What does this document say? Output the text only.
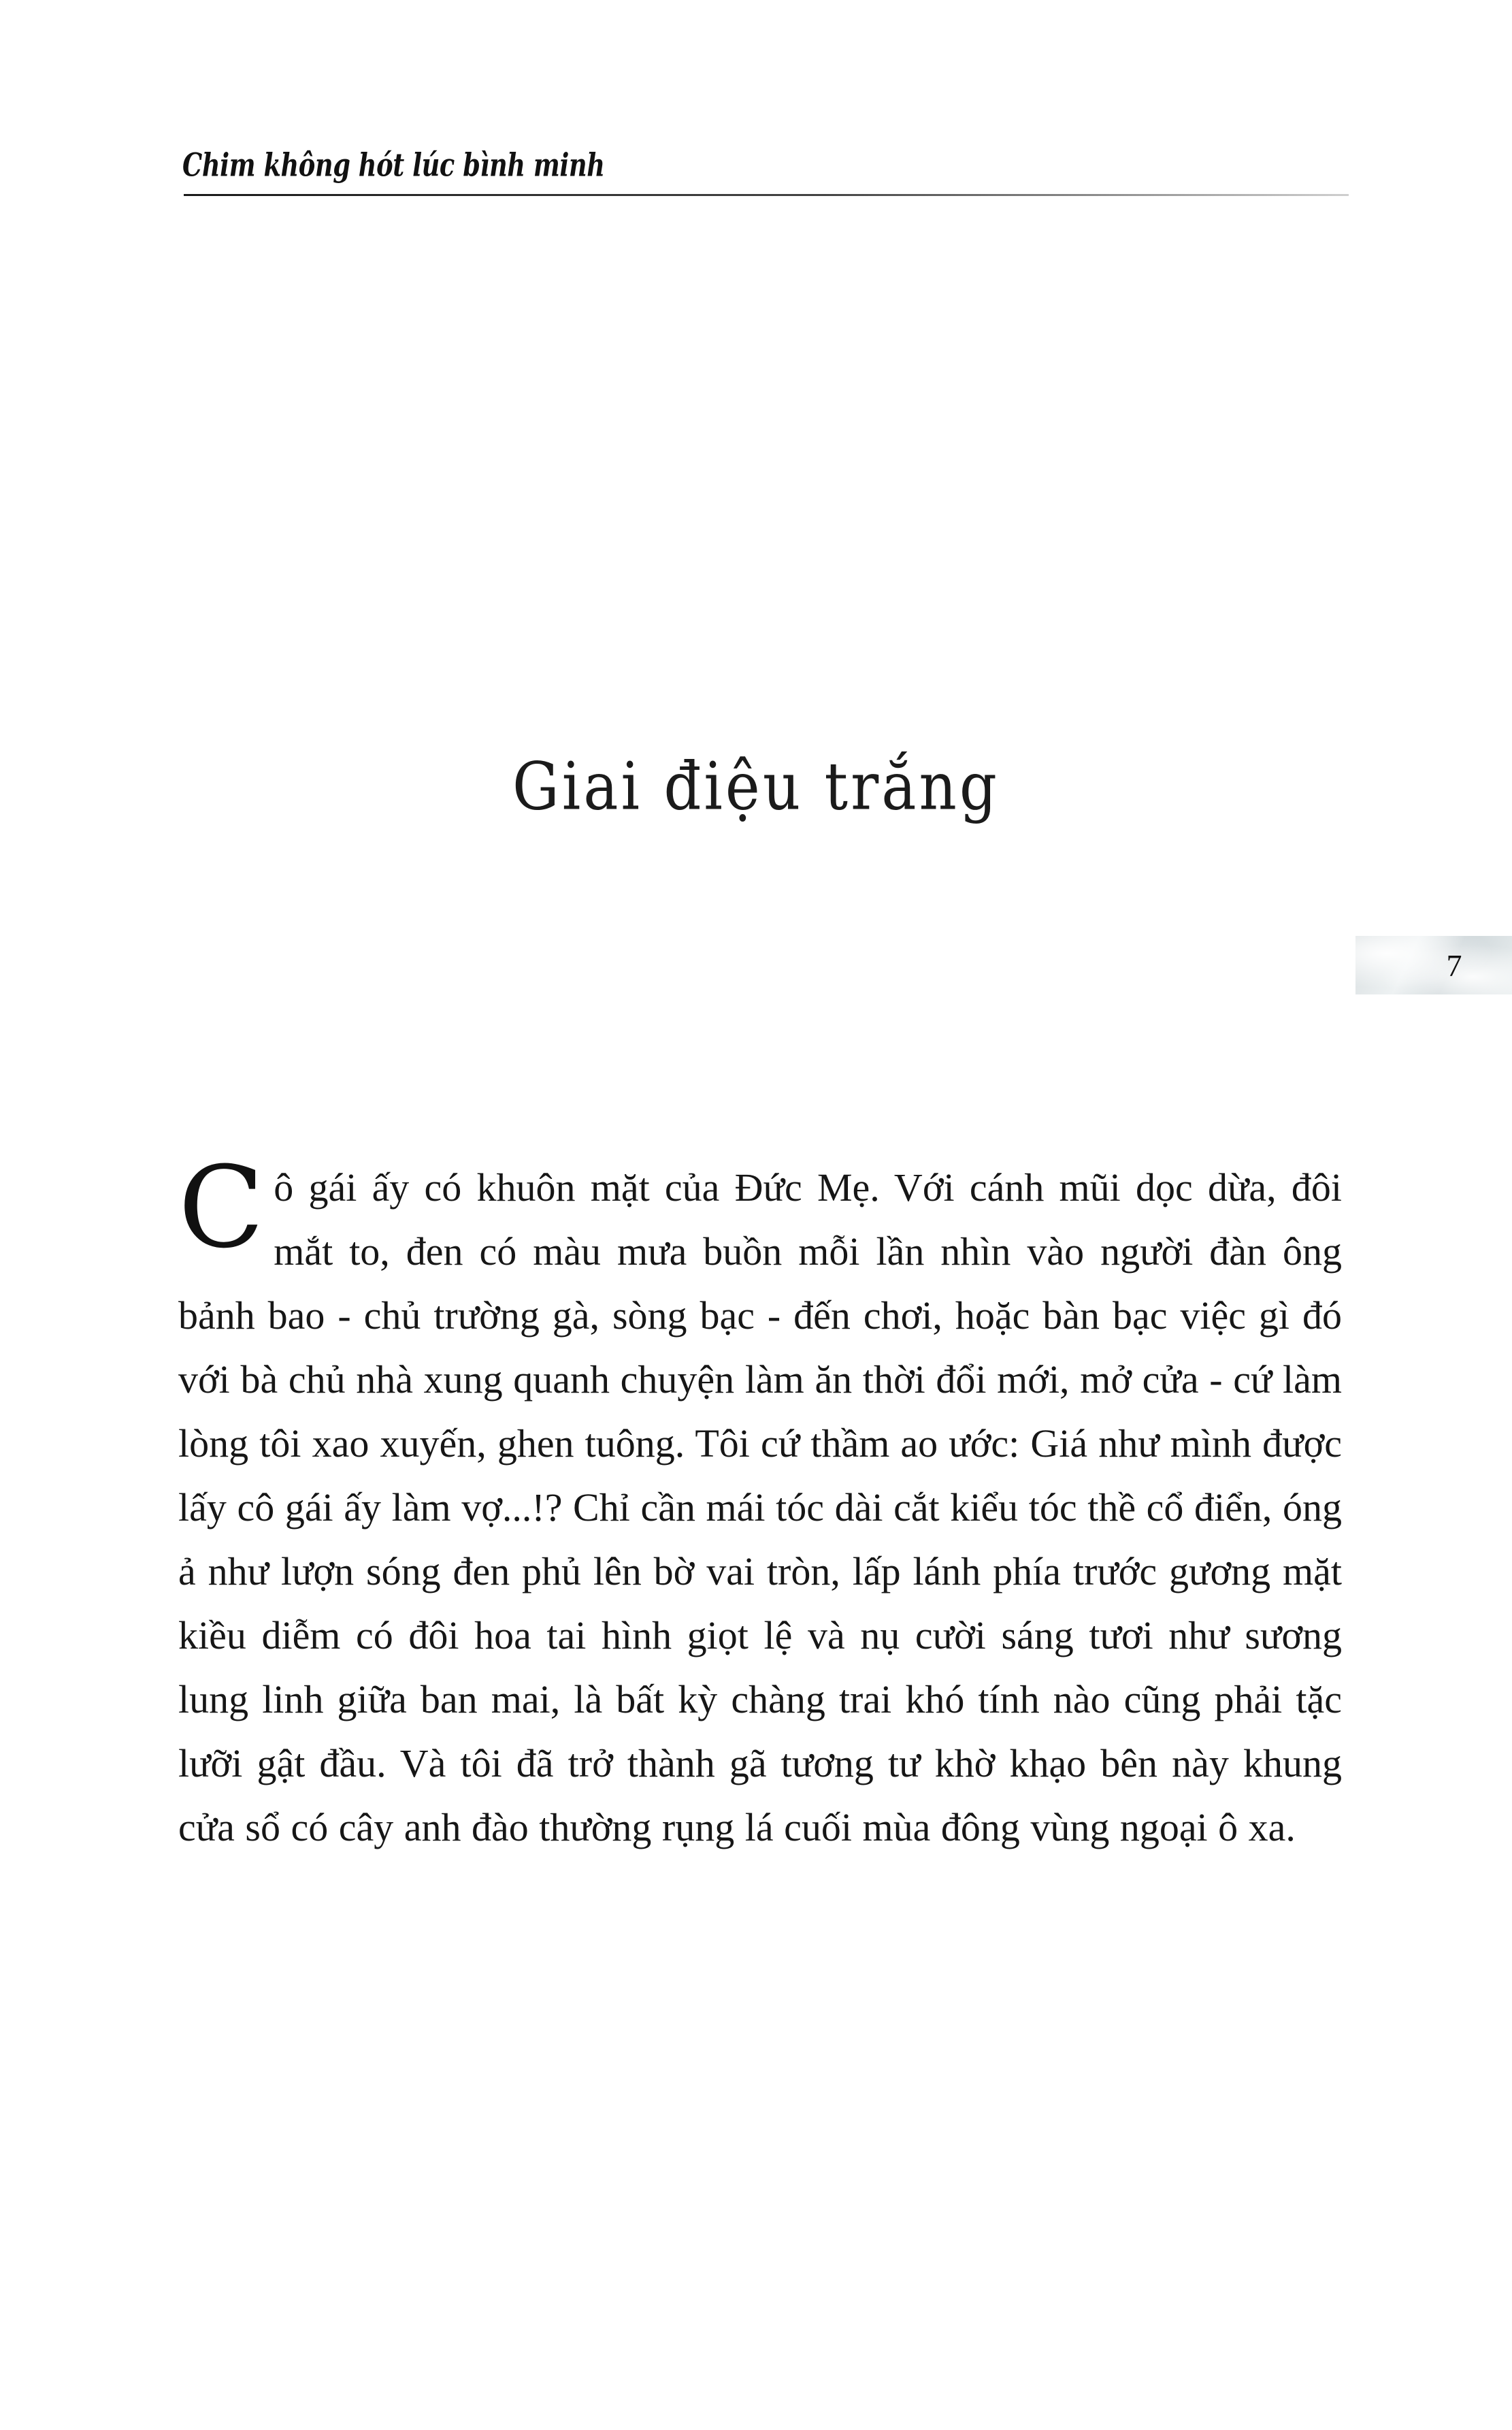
Chim không hót lúc bình minh
Giai điệu trắng
7

Cô gái ấy có khuôn mặt của Đức Mẹ. Với cánh mũi dọc dừa, đôi mắt to, đen có màu mưa buồn mỗi lần nhìn vào người đàn ông bảnh bao - chủ trường gà, sòng bạc - đến chơi, hoặc bàn bạc việc gì đó với bà chủ nhà xung quanh chuyện làm ăn thời đổi mới, mở cửa - cứ làm lòng tôi xao xuyến, ghen tuông. Tôi cứ thầm ao ước: Giá như mình được lấy cô gái ấy làm vợ...!? Chỉ cần mái tóc dài cắt kiểu tóc thề cổ điển, óng ả như lượn sóng đen phủ lên bờ vai tròn, lấp lánh phía trước gương mặt kiều diễm có đôi hoa tai hình giọt lệ và nụ cười sáng tươi như sương lung linh giữa ban mai, là bất kỳ chàng trai khó tính nào cũng phải tặc lưỡi gật đầu. Và tôi đã trở thành gã tương tư khờ khạo bên này khung cửa sổ có cây anh đào thường rụng lá cuối mùa đông vùng ngoại ô xa.
